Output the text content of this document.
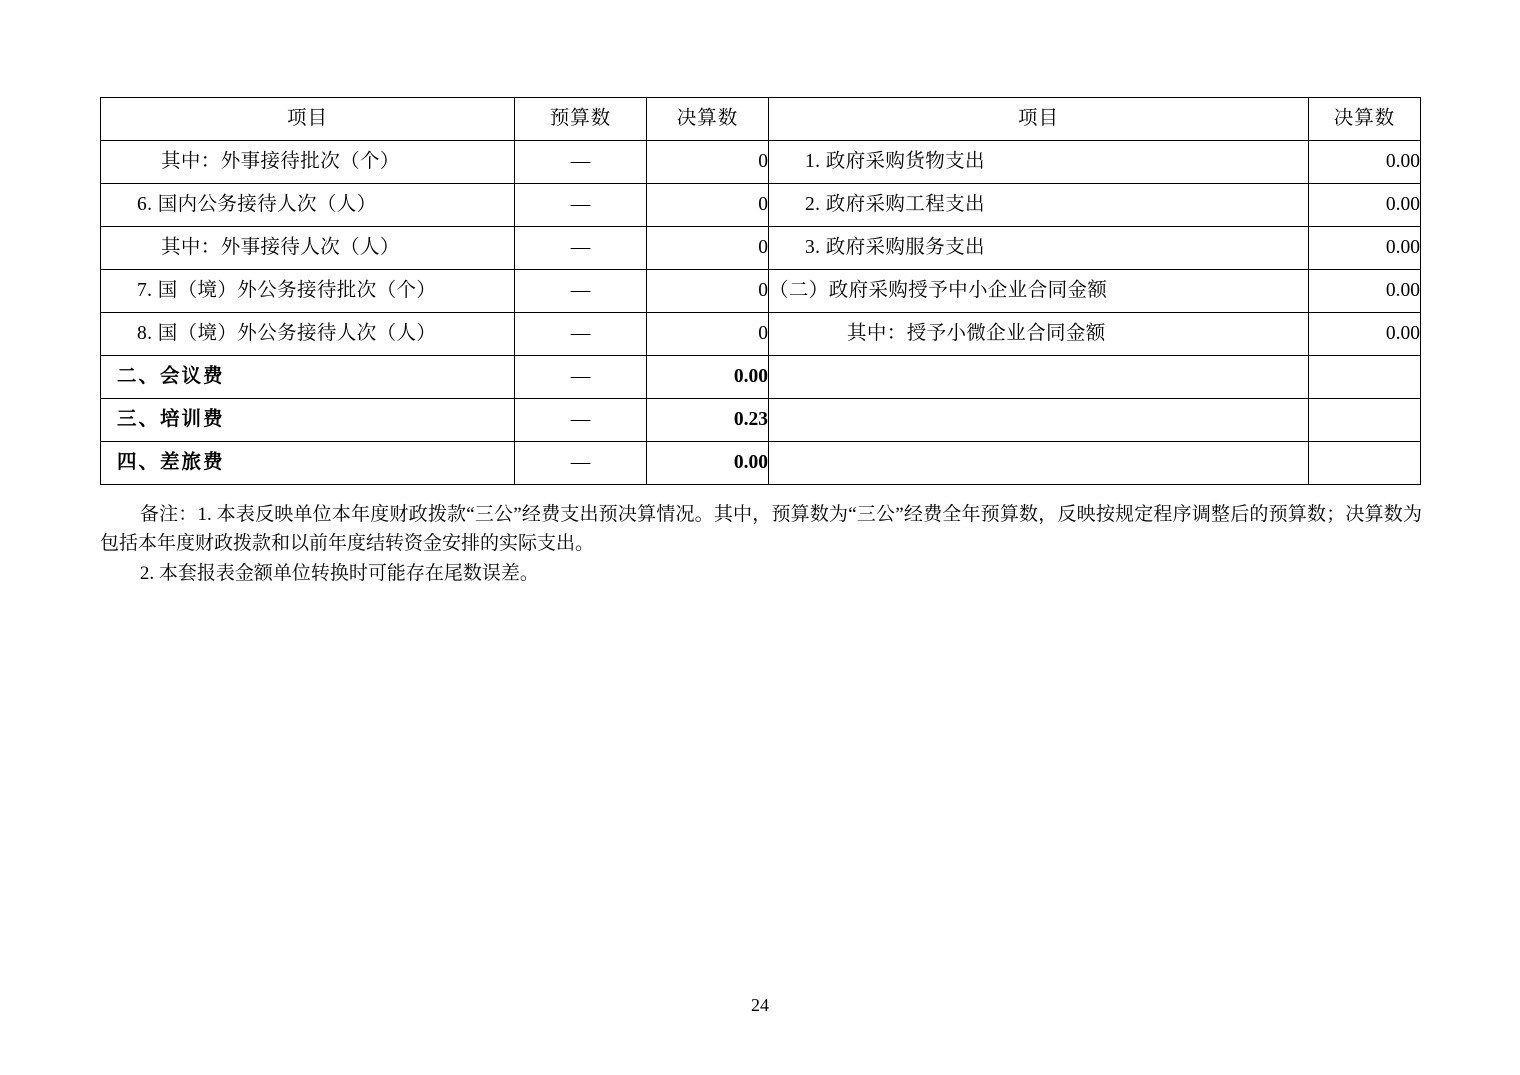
项目	预算数	决算数	项目	决算数
其中：外事接待批次（个）	—	0	1. 政府采购货物支出	0.00
6. 国内公务接待人次（人）	—	0	2. 政府采购工程支出	0.00
其中：外事接待人次（人）	—	0	3. 政府采购服务支出	0.00
7. 国（境）外公务接待批次（个）	—	0	（二）政府采购授予中小企业合同金额	0.00
8. 国（境）外公务接待人次（人）	—	0	其中：授予小微企业合同金额	0.00
二、会议费	—	0.00		
三、培训费	—	0.23		
四、差旅费	—	0.00		

备注：1. 本表反映单位本年度财政拨款“三公”经费支出预决算情况。其中，预算数为“三公”经费全年预算数，反映按规定程序调整后的预算数；决算数为包括本年度财政拨款和以前年度结转资金安排的实际支出。

2. 本套报表金额单位转换时可能存在尾数误差。

24
